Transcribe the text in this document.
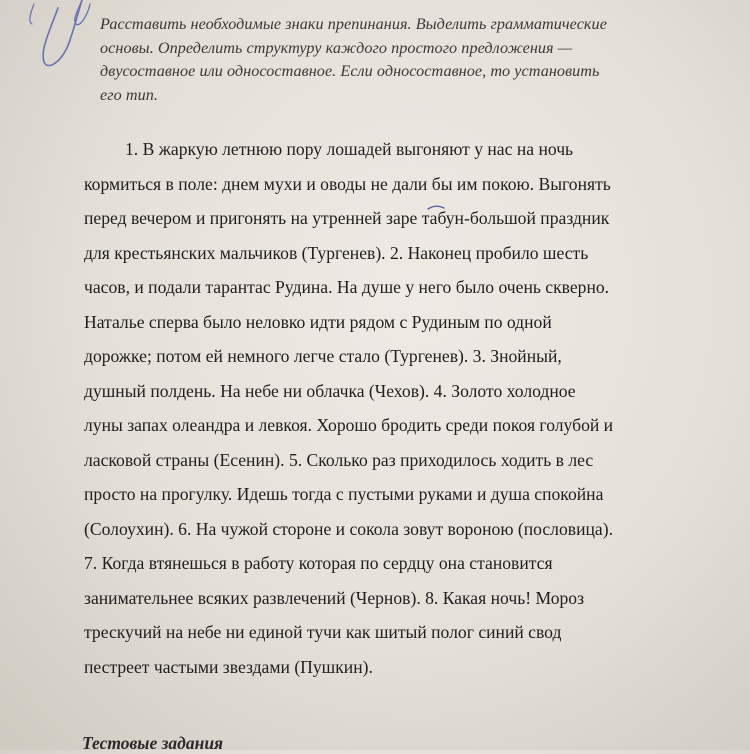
Расставить необходимые знаки препинания. Выделить грамматические
основы. Определить структуру каждого простого предложения —
двусоставное или односоставное. Если односоставное, то установить
его тип.
1. В жаркую летнюю пору лошадей выгоняют у нас на ночь
кормиться в поле: днем мухи и оводы не дали бы им покою. Выгонять
перед вечером и пригонять на утренней заре табун-большой праздник
для крестьянских мальчиков (Тургенев). 2. Наконец пробило шесть
часов, и подали тарантас Рудина. На душе у него было очень скверно.
Наталье сперва было неловко идти рядом с Рудиным по одной
дорожке; потом ей немного легче стало (Тургенев). 3. Знойный,
душный полдень. На небе ни облачка (Чехов). 4. Золото холодное
луны запах олеандра и левкоя. Хорошо бродить среди покоя голубой и
ласковой страны (Есенин). 5. Сколько раз приходилось ходить в лес
просто на прогулку. Идешь тогда с пустыми руками и душа спокойна
(Солоухин). 6. На чужой стороне и сокола зовут вороною (пословица).
7. Когда втянешься в работу которая по сердцу она становится
занимательнее всяких развлечений (Чернов). 8. Какая ночь! Мороз
трескучий на небе ни единой тучи как шитый полог синий свод
пестреет частыми звездами (Пушкин).
Тестовые задания
